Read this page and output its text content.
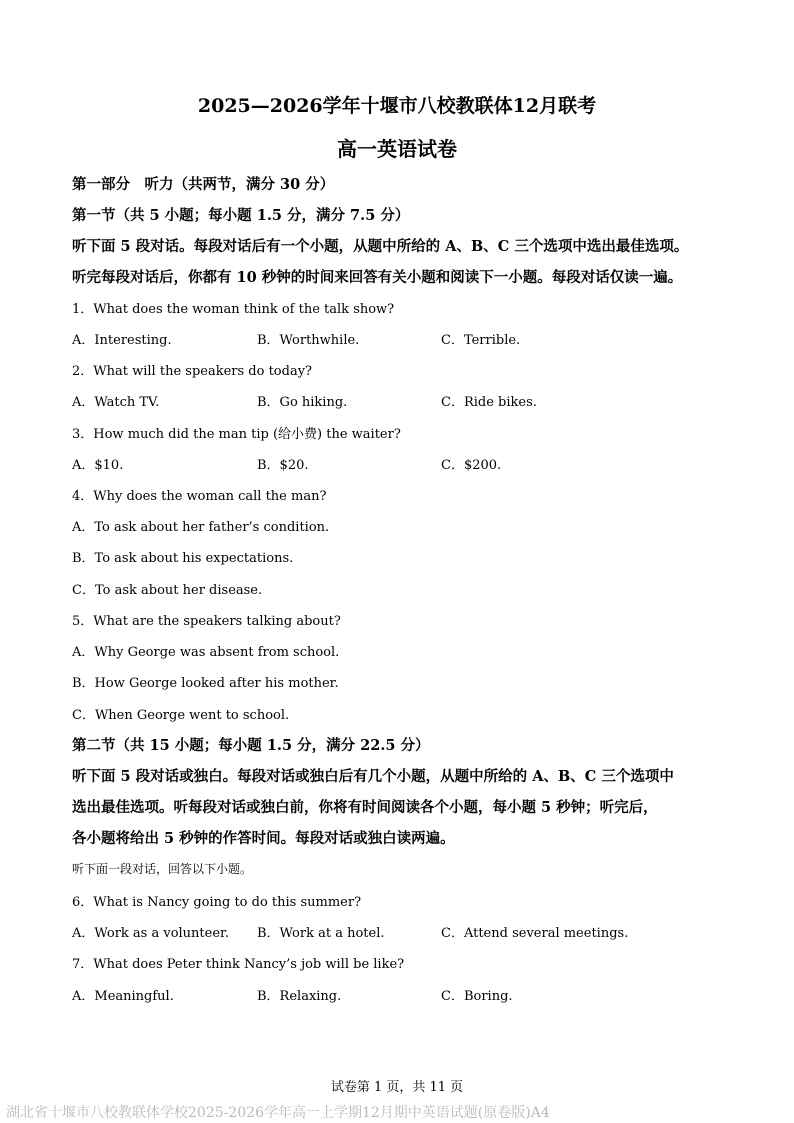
2025—2026学年十堰市八校教联体12月联考
高一英语试卷
第一部分　听力（共两节，满分 30 分）
第一节（共 5 小题；每小题 1.5 分，满分 7.5 分）
听下面 5 段对话。每段对话后有一个小题，从题中所给的 A、B、C 三个选项中选出最佳选项。
听完每段对话后，你都有 10 秒钟的时间来回答有关小题和阅读下一小题。每段对话仅读一遍。
1．What does the woman think of the talk show?
A．Interesting.	B．Worthwhile.	C．Terrible.
2．What will the speakers do today?
A．Watch TV.	B．Go hiking.	C．Ride bikes.
3．How much did the man tip (给小费) the waiter?
A．$10.	B．$20.	C．$200.
4．Why does the woman call the man?
A．To ask about her father’s condition.
B．To ask about his expectations.
C．To ask about her disease.
5．What are the speakers talking about?
A．Why George was absent from school.
B．How George looked after his mother.
C．When George went to school.
第二节（共 15 小题；每小题 1.5 分，满分 22.5 分）
听下面 5 段对话或独白。每段对话或独白后有几个小题，从题中所给的 A、B、C 三个选项中
选出最佳选项。听每段对话或独白前，你将有时间阅读各个小题，每小题 5 秒钟；听完后，
各小题将给出 5 秒钟的作答时间。每段对话或独白读两遍。
听下面一段对话，回答以下小题。
6．What is Nancy going to do this summer?
A．Work as a volunteer. B．Work at a hotel.	C．Attend several meetings.
7．What does Peter think Nancy’s job will be like?
A．Meaningful.	B．Relaxing.	C．Boring.
试卷第 1 页，共 11 页
湖北省十堰市八校教联体学校2025-2026学年高一上学期12月期中英语试题(原卷版)A4
